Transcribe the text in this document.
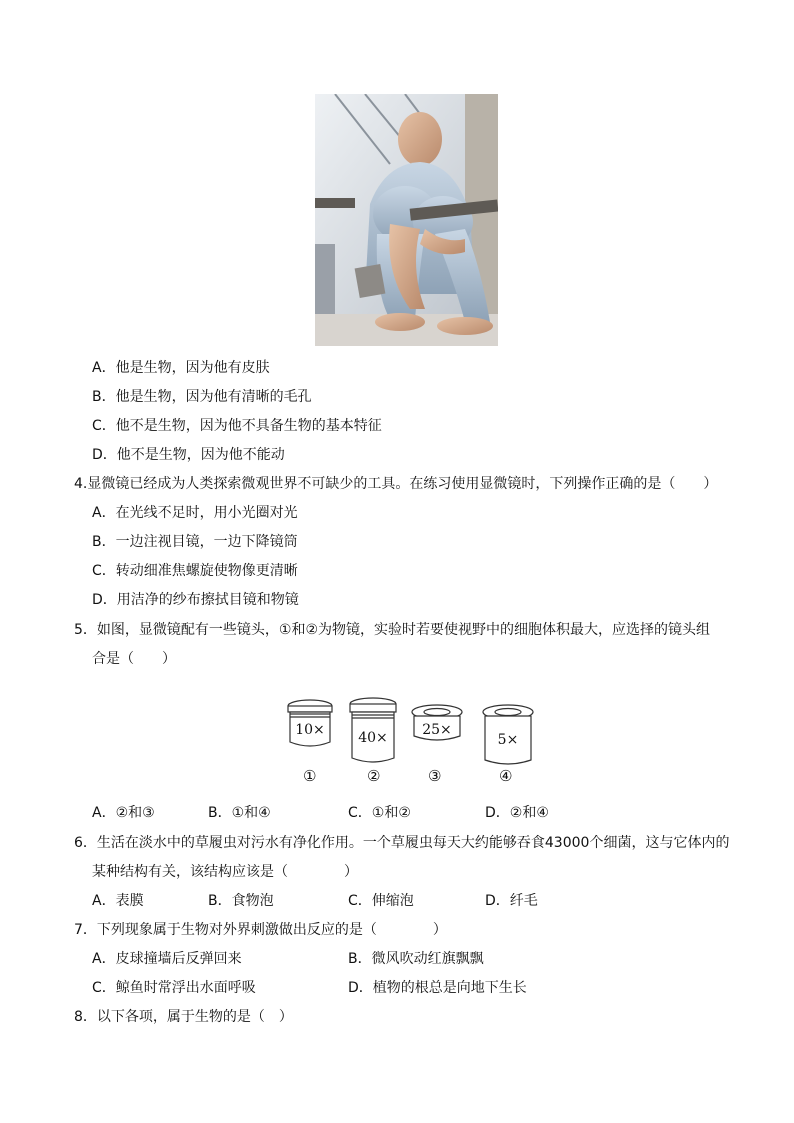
A．他是生物，因为他有皮肤
B．他是生物，因为他有清晰的毛孔
C．他不是生物，因为他不具备生物的基本特征
D．他不是生物，因为他不能动
4.显微镜已经成为人类探索微观世界不可缺少的工具。在练习使用显微镜时，下列操作正确的是（　　）
A．在光线不足时，用小光圈对光
B．一边注视目镜，一边下降镜筒
C．转动细准焦螺旋使物像更清晰
D．用洁净的纱布擦拭目镜和物镜
5．如图，显微镜配有一些镜头，①和②为物镜，实验时若要使视野中的细胞体积最大，应选择的镜头组
合是（　　）
10× 40× 25×
5×
①	②	③	④
A．②和③	B．①和④	C．①和②	D．②和④
6．生活在淡水中的草履虫对污水有净化作用。一个草履虫每天大约能够吞食43000个细菌，这与它体内的
某种结构有关，该结构应该是（　　　　）
A．表膜	B．食物泡	C．伸缩泡	D．纤毛
7．下列现象属于生物对外界刺激做出反应的是（　　　　）
A．皮球撞墙后反弹回来	B．微风吹动红旗飘飘
C．鲸鱼时常浮出水面呼吸	D．植物的根总是向地下生长
8．以下各项，属于生物的是（　）
